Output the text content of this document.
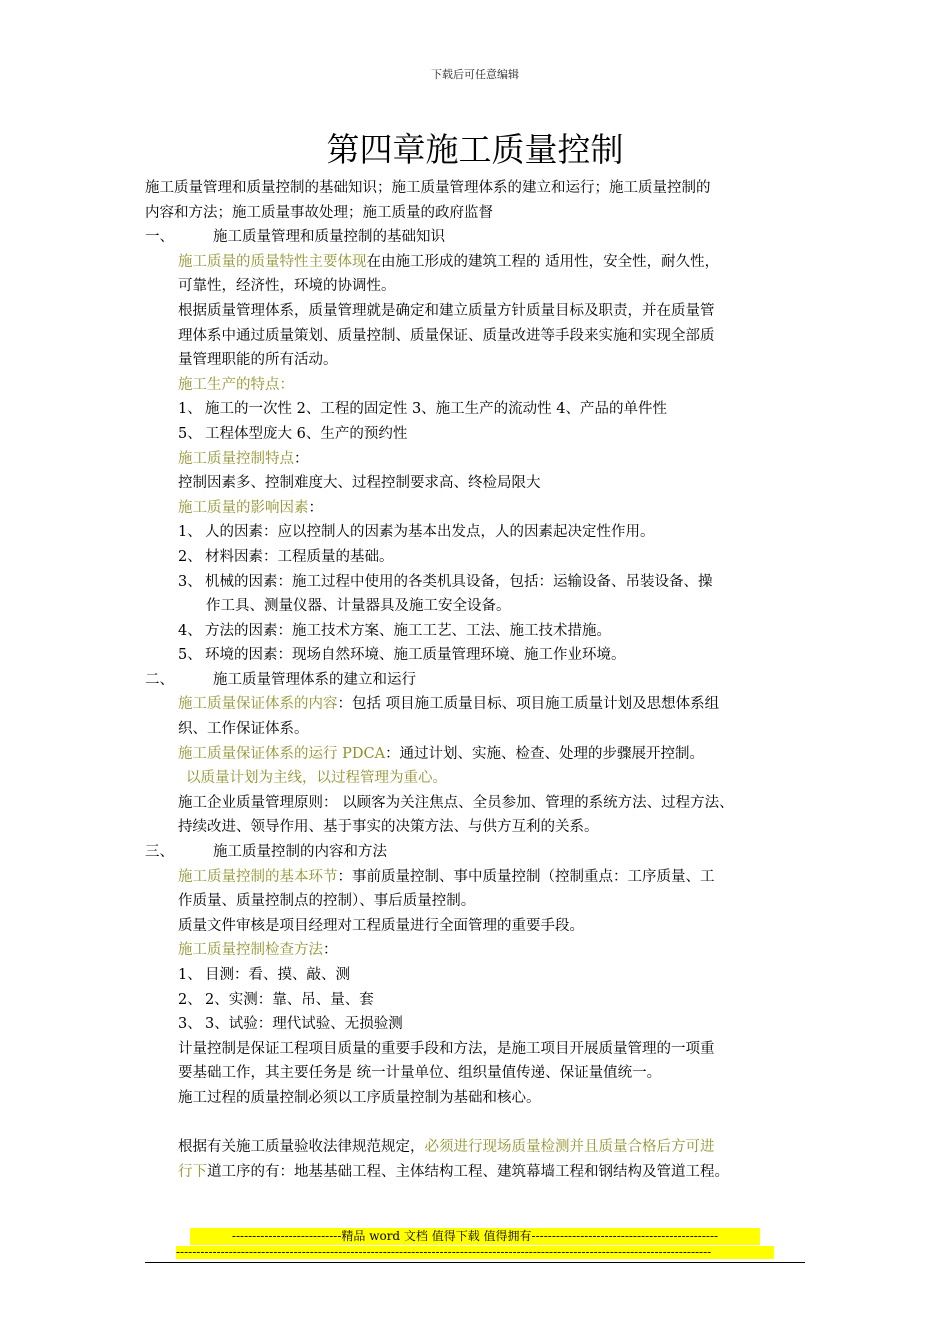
下载后可任意编辑
第四章施工质量控制
施工质量管理和质量控制的基础知识；施工质量管理体系的建立和运行；施工质量控制的
内容和方法；施工质量事故处理；施工质量的政府监督
一、	施工质量管理和质量控制的基础知识
施工质量的质量特性主要体现在由施工形成的建筑工程的 适用性，安全性，耐久性，
可靠性，经济性，环境的协调性。
根据质量管理体系，质量管理就是确定和建立质量方针质量目标及职责，并在质量管
理体系中通过质量策划、质量控制、质量保证、质量改进等手段来实施和实现全部质
量管理职能的所有活动。
施工生产的特点：
1、 施工的一次性 2、工程的固定性 3、施工生产的流动性 4、产品的单件性
5、 工程体型庞大 6、生产的预约性
施工质量控制特点：
控制因素多、控制难度大、过程控制要求高、终检局限大
施工质量的影响因素：
1、 人的因素：应以控制人的因素为基本出发点，人的因素起决定性作用。
2、 材料因素：工程质量的基础。
3、 机械的因素：施工过程中使用的各类机具设备，包括：运输设备、吊装设备、操
作工具、测量仪器、计量器具及施工安全设备。
4、 方法的因素：施工技术方案、施工工艺、工法、施工技术措施。
5、 环境的因素：现场自然环境、施工质量管理环境、施工作业环境。
二、	施工质量管理体系的建立和运行
施工质量保证体系的内容：包括 项目施工质量目标、项目施工质量计划及思想体系组
织、工作保证体系。
施工质量保证体系的运行 PDCA：通过计划、实施、检查、处理的步骤展开控制。
以质量计划为主线，以过程管理为重心。
施工企业质量管理原则： 以顾客为关注焦点、全员参加、管理的系统方法、过程方法、
持续改进、领导作用、基于事实的决策方法、与供方互利的关系。
三、	施工质量控制的内容和方法
施工质量控制的基本环节：事前质量控制、事中质量控制（控制重点：工序质量、工
作质量、质量控制点的控制）、事后质量控制。
质量文件审核是项目经理对工程质量进行全面管理的重要手段。
施工质量控制检查方法：
1、 目测：看、摸、敲、测
2、 2、实测：靠、吊、量、套
3、 3、试验：理代试验、无损验测
计量控制是保证工程项目质量的重要手段和方法，是施工项目开展质量管理的一项重
要基础工作，其主要任务是 统一计量单位、组织量值传递、保证量值统一。
施工过程的质量控制必须以工序质量控制为基础和核心。
根据有关施工质量验收法律规范规定，必须进行现场质量检测并且质量合格后方可进
行下道工序的有：地基基础工程、主体结构工程、建筑幕墙工程和钢结构及管道工程。
---------------------------精品 word 文档 值得下载 值得拥有----------------------------------------------
------------------------------------------------------------------------------------------------------------------------------------
